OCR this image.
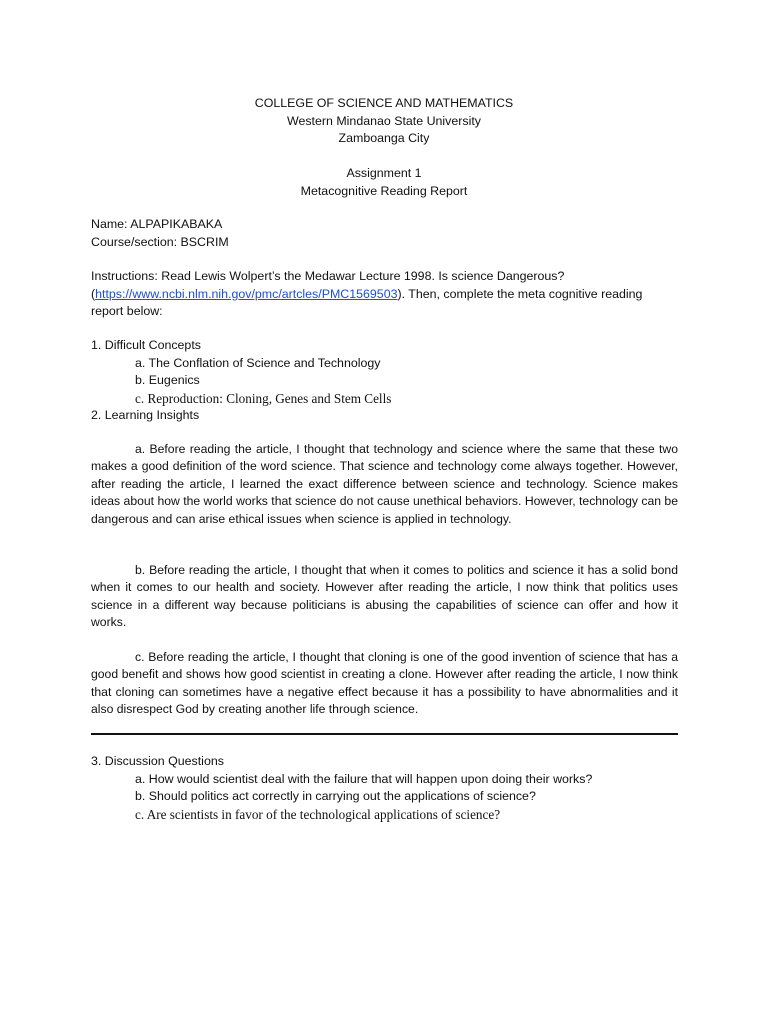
COLLEGE OF SCIENCE AND MATHEMATICS
Western Mindanao State University
Zamboanga City
Assignment 1
Metacognitive Reading Report
Name: ALPAPIKABAKA
Course/section: BSCRIM
Instructions: Read Lewis Wolpert’s the Medawar Lecture 1998. Is science Dangerous?
(https://www.ncbi.nlm.nih.gov/pmc/artcles/PMC1569503). Then, complete the meta cognitive reading
report below:
1. Difficult Concepts
a. The Conflation of Science and Technology
b. Eugenics
c. Reproduction: Cloning, Genes and Stem Cells
2. Learning Insights

a. Before reading the article, I thought that technology and science where the same that these two makes a good definition of the word science. That science and technology come always together. However, after reading the article, I learned the exact difference between science and technology. Science makes ideas about how the world works that science do not cause unethical behaviors. However, technology can be dangerous and can arise ethical issues when science is applied in technology.

b. Before reading the article, I thought that when it comes to politics and science it has a solid bond when it comes to our health and society. However after reading the article, I now think that politics uses science in a different way because politicians is abusing the capabilities of science can offer and how it works.

c. Before reading the article, I thought that cloning is one of the good invention of science that has a good benefit and shows how good scientist in creating a clone. However after reading the article, I now think that cloning can sometimes have a negative effect because it has a possibility to have abnormalities and it also disrespect God by creating another life through science.

3. Discussion Questions
a. How would scientist deal with the failure that will happen upon doing their works?
b. Should politics act correctly in carrying out the applications of science?
c. Are scientists in favor of the technological applications of science?
